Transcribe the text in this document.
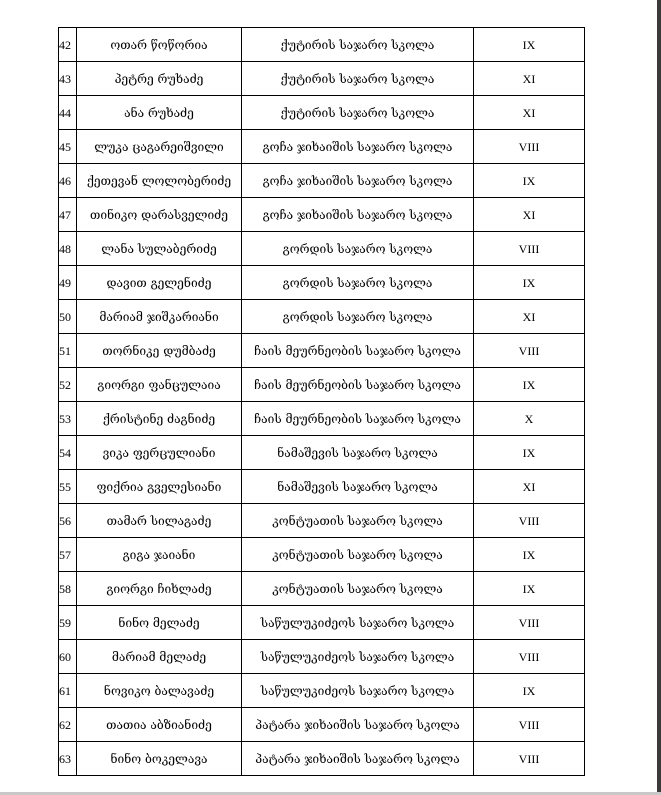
42	ოთარ წოწორია	ქუტირის საჯარო სკოლა	IX
43	პეტრე რუხაძე	ქუტირის საჯარო სკოლა	XI
44	ანა რუხაძე	ქუტირის საჯარო სკოლა	XI
45	ლუკა ცაგარეიშვილი	გოჩა ჯიხაიშის საჯარო სკოლა	VIII
46	ქეთევან ლოლობერიძე	გოჩა ჯიხაიშის საჯარო სკოლა	IX
47	თინიკო დარასველიძე	გოჩა ჯიხაიშის საჯარო სკოლა	XI
48	ლანა სულაბერიძე	გორდის საჯარო სკოლა	VIII
49	დავით გელენიძე	გორდის საჯარო სკოლა	IX
50	მარიამ ჯიშკარიანი	გორდის საჯარო სკოლა	XI
51	თორნიკე დუმბაძე	ჩაის მეურნეობის საჯარო სკოლა	VIII
52	გიორგი ფანცულაია	ჩაის მეურნეობის საჯარო სკოლა	IX
53	ქრისტინე ძაგნიძე	ჩაის მეურნეობის საჯარო სკოლა	X
54	ვიკა ფერცულიანი	ნამაშევის საჯარო სკოლა	IX
55	ფიქრია გველესიანი	ნამაშევის საჯარო სკოლა	XI
56	თამარ სილაგაძე	კონტუათის საჯარო სკოლა	VIII
57	გიგა ჯაიანი	კონტუათის საჯარო სკოლა	IX
58	გიორგი ჩიხლაძე	კონტუათის საჯარო სკოლა	IX
59	ნინო მელაძე	საწულუკიძეოს საჯარო სკოლა	VIII
60	მარიამ მელაძე	საწულუკიძეოს საჯარო სკოლა	VIII
61	ნოვიკო ბალავაძე	საწულუკიძეოს საჯარო სკოლა	IX
62	თათია აბზიანიძე	პატარა ჯიხაიშის საჯარო სკოლა	VIII
63	ნინო ბოკელავა	პატარა ჯიხაიშის საჯარო სკოლა	VIII
